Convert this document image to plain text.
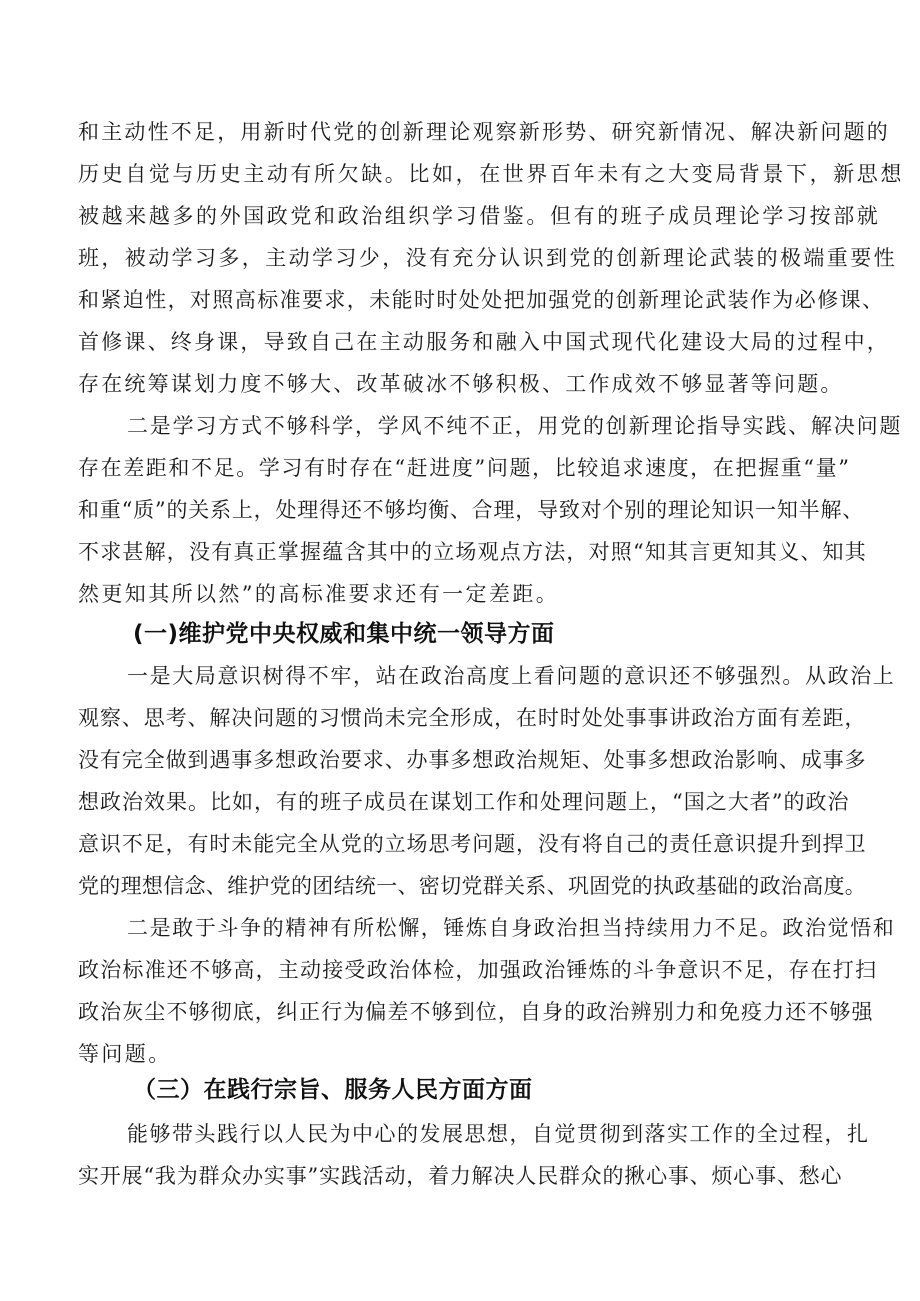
和主动性不足，用新时代党的创新理论观察新形势、研究新情况、解决新问题的
历史自觉与历史主动有所欠缺。比如，在世界百年未有之大变局背景下，新思想
被越来越多的外国政党和政治组织学习借鉴。但有的班子成员理论学习按部就
班，被动学习多，主动学习少，没有充分认识到党的创新理论武装的极端重要性
和紧迫性，对照高标准要求，未能时时处处把加强党的创新理论武装作为必修课、
首修课、终身课，导致自己在主动服务和融入中国式现代化建设大局的过程中，
存在统筹谋划力度不够大、改革破冰不够积极、工作成效不够显著等问题。
二是学习方式不够科学，学风不纯不正，用党的创新理论指导实践、解决问题
存在差距和不足。学习有时存在“赶进度”问题，比较追求速度，在把握重“量”
和重“质”的关系上，处理得还不够均衡、合理，导致对个别的理论知识一知半解、
不求甚解，没有真正掌握蕴含其中的立场观点方法，对照“知其言更知其义、知其
然更知其所以然”的高标准要求还有一定差距。
(一)维护党中央权威和集中统一领导方面
一是大局意识树得不牢，站在政治高度上看问题的意识还不够强烈。从政治上
观察、思考、解决问题的习惯尚未完全形成，在时时处处事事讲政治方面有差距，
没有完全做到遇事多想政治要求、办事多想政治规矩、处事多想政治影响、成事多
想政治效果。比如，有的班子成员在谋划工作和处理问题上，“国之大者”的政治
意识不足，有时未能完全从党的立场思考问题，没有将自己的责任意识提升到捍卫
党的理想信念、维护党的团结统一、密切党群关系、巩固党的执政基础的政治高度。
二是敢于斗争的精神有所松懈，锤炼自身政治担当持续用力不足。政治觉悟和
政治标准还不够高，主动接受政治体检，加强政治锤炼的斗争意识不足，存在打扫
政治灰尘不够彻底，纠正行为偏差不够到位，自身的政治辨别力和免疫力还不够强
等问题。
（三）在践行宗旨、服务人民方面方面
能够带头践行以人民为中心的发展思想，自觉贯彻到落实工作的全过程，扎
实开展“我为群众办实事”实践活动，着力解决人民群众的揪心事、烦心事、愁心
